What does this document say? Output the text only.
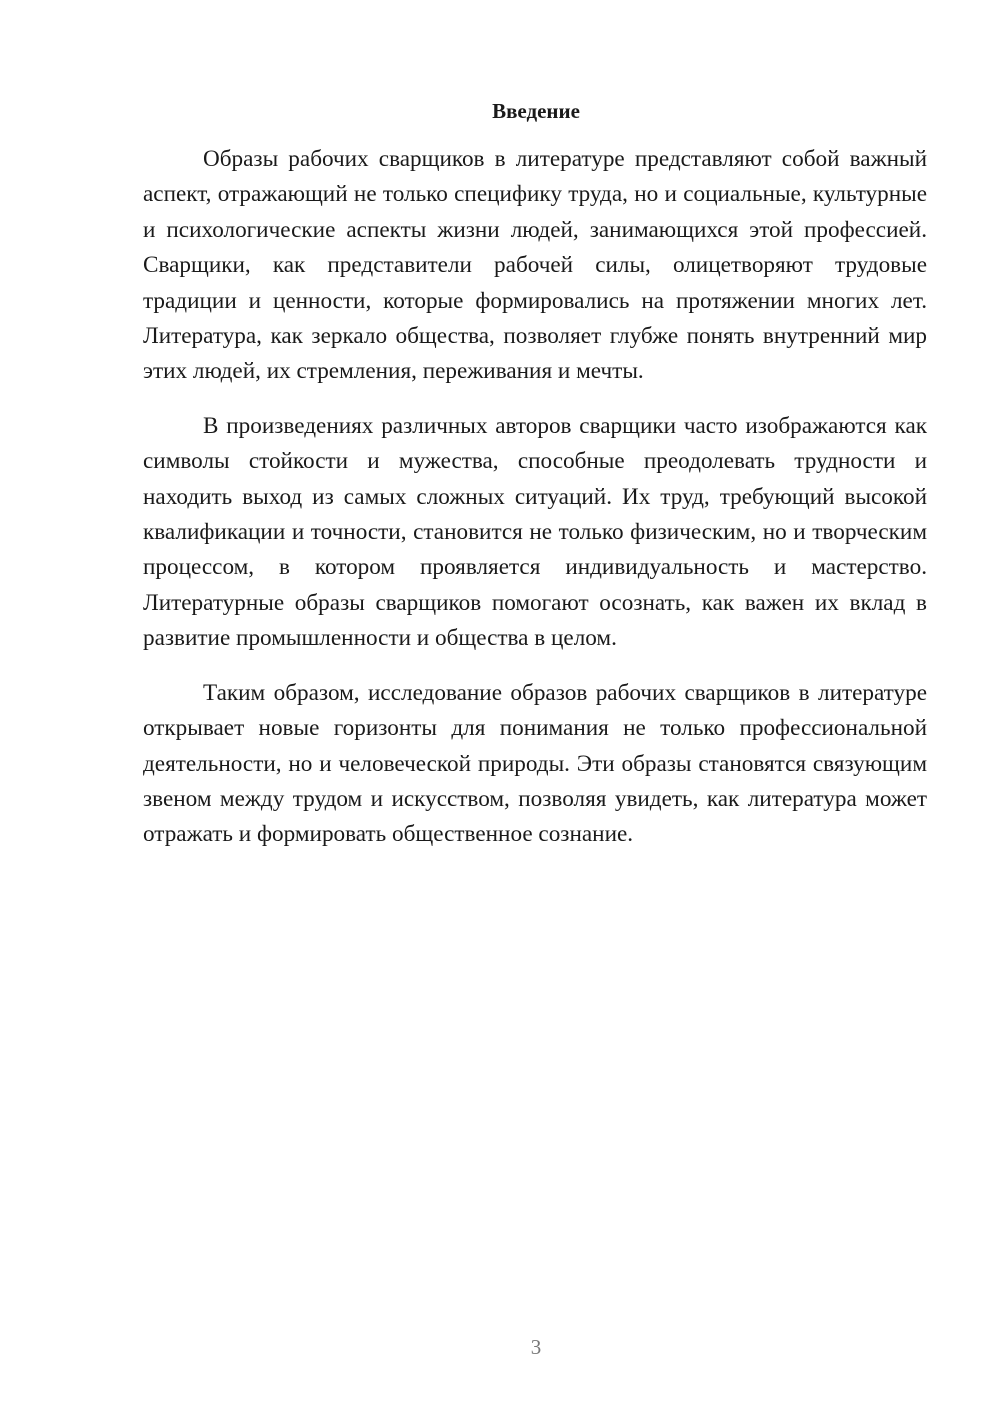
Введение

Образы рабочих сварщиков в литературе представляют собой важный аспект, отражающий не только специфику труда, но и социальные, культурные и психологические аспекты жизни людей, занимающихся этой профессией. Сварщики, как представители рабочей силы, олицетворяют трудовые традиции и ценности, которые формировались на протяжении многих лет. Литература, как зеркало общества, позволяет глубже понять внутренний мир этих людей, их стремления, переживания и мечты.

В произведениях различных авторов сварщики часто изображаются как символы стойкости и мужества, способные преодолевать трудности и находить выход из самых сложных ситуаций. Их труд, требующий высокой квалификации и точности, становится не только физическим, но и творческим процессом, в котором проявляется индивидуальность и мастерство. Литературные образы сварщиков помогают осознать, как важен их вклад в развитие промышленности и общества в целом.

Таким образом, исследование образов рабочих сварщиков в литературе открывает новые горизонты для понимания не только профессиональной деятельности, но и человеческой природы. Эти образы становятся связующим звеном между трудом и искусством, позволяя увидеть, как литература может отражать и формировать общественное сознание.

3
